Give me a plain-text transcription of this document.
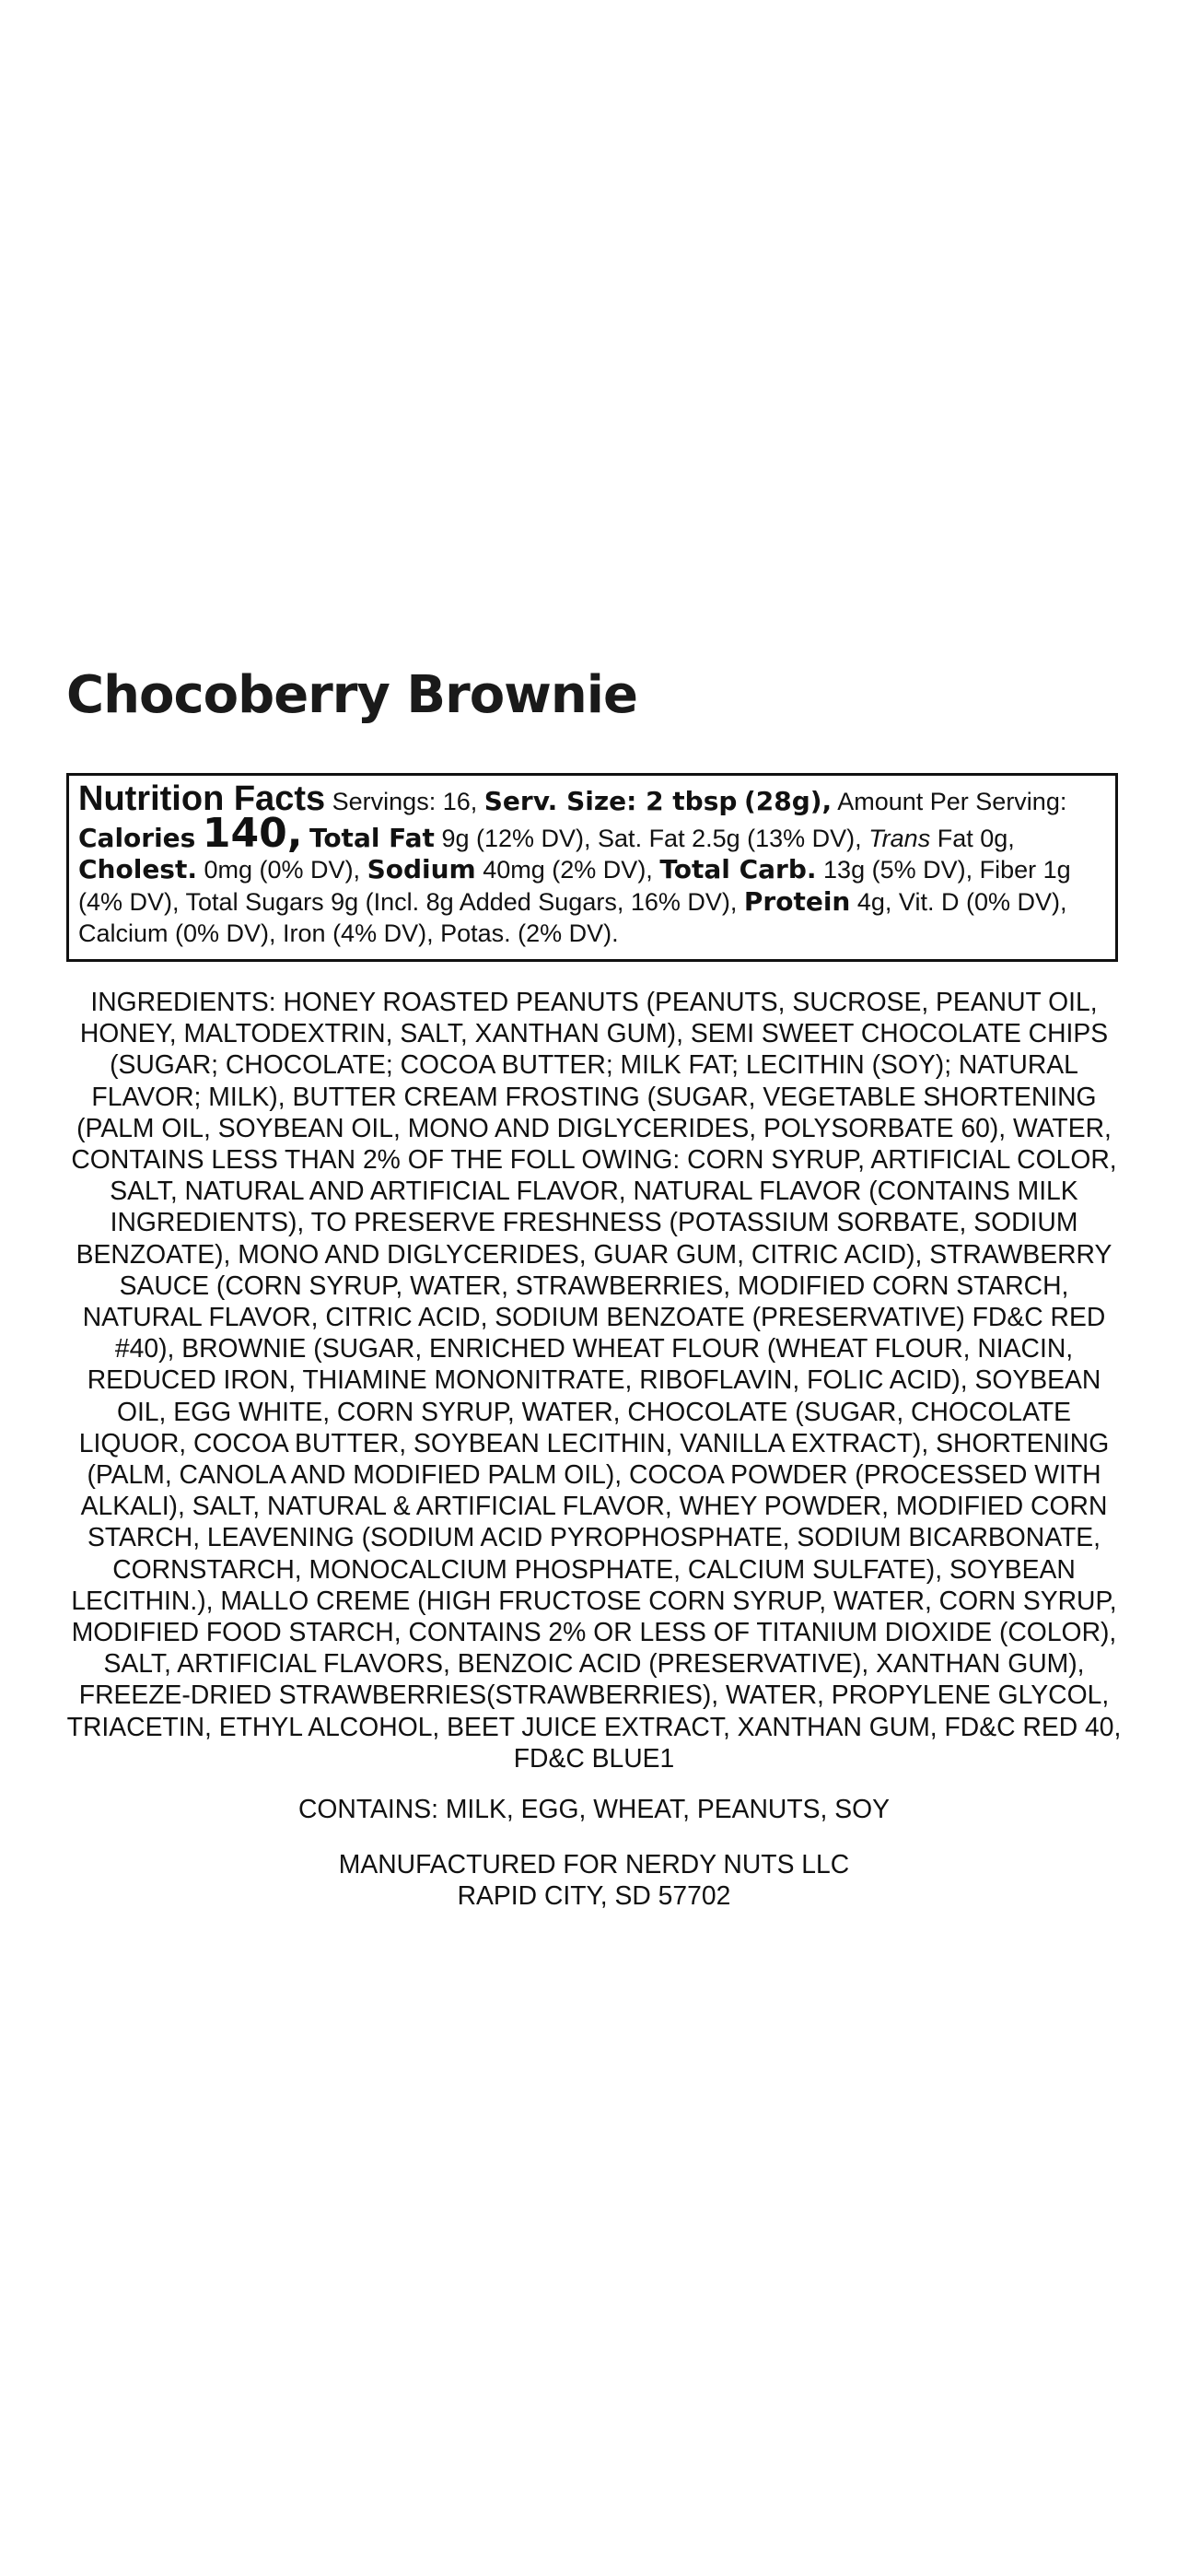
Chocoberry Brownie
Nutrition Facts Servings: 16, Serv. Size: 2 tbsp (28g), Amount Per Serving: Calories 140, Total Fat 9g (12% DV), Sat. Fat 2.5g (13% DV), Trans Fat 0g, Cholest. 0mg (0% DV), Sodium 40mg (2% DV), Total Carb. 13g (5% DV), Fiber 1g (4% DV), Total Sugars 9g (Incl. 8g Added Sugars, 16% DV), Protein 4g, Vit. D (0% DV), Calcium (0% DV), Iron (4% DV), Potas. (2% DV).

INGREDIENTS: HONEY ROASTED PEANUTS (PEANUTS, SUCROSE, PEANUT OIL, HONEY, MALTODEXTRIN, SALT, XANTHAN GUM), SEMI SWEET CHOCOLATE CHIPS (SUGAR; CHOCOLATE; COCOA BUTTER; MILK FAT; LECITHIN (SOY); NATURAL FLAVOR; MILK), BUTTER CREAM FROSTING (SUGAR, VEGETABLE SHORTENING (PALM OIL, SOYBEAN OIL, MONO AND DIGLYCERIDES, POLYSORBATE 60), WATER, CONTAINS LESS THAN 2% OF THE FOLL OWING: CORN SYRUP, ARTIFICIAL COLOR, SALT, NATURAL AND ARTIFICIAL FLAVOR, NATURAL FLAVOR (CONTAINS MILK INGREDIENTS), TO PRESERVE FRESHNESS (POTASSIUM SORBATE, SODIUM BENZOATE), MONO AND DIGLYCERIDES, GUAR GUM, CITRIC ACID), STRAWBERRY SAUCE (CORN SYRUP, WATER, STRAWBERRIES, MODIFIED CORN STARCH, NATURAL FLAVOR, CITRIC ACID, SODIUM BENZOATE (PRESERVATIVE) FD&C RED #40), BROWNIE (SUGAR, ENRICHED WHEAT FLOUR (WHEAT FLOUR, NIACIN, REDUCED IRON, THIAMINE MONONITRATE, RIBOFLAVIN, FOLIC ACID), SOYBEAN OIL, EGG WHITE, CORN SYRUP, WATER, CHOCOLATE (SUGAR, CHOCOLATE LIQUOR, COCOA BUTTER, SOYBEAN LECITHIN, VANILLA EXTRACT), SHORTENING (PALM, CANOLA AND MODIFIED PALM OIL), COCOA POWDER (PROCESSED WITH ALKALI), SALT, NATURAL & ARTIFICIAL FLAVOR, WHEY POWDER, MODIFIED CORN STARCH, LEAVENING (SODIUM ACID PYROPHOSPHATE, SODIUM BICARBONATE, CORNSTARCH, MONOCALCIUM PHOSPHATE, CALCIUM SULFATE), SOYBEAN LECITHIN.), MALLO CREME (HIGH FRUCTOSE CORN SYRUP, WATER, CORN SYRUP, MODIFIED FOOD STARCH, CONTAINS 2% OR LESS OF TITANIUM DIOXIDE (COLOR), SALT, ARTIFICIAL FLAVORS, BENZOIC ACID (PRESERVATIVE), XANTHAN GUM), FREEZE-DRIED STRAWBERRIES(STRAWBERRIES), WATER, PROPYLENE GLYCOL, TRIACETIN, ETHYL ALCOHOL, BEET JUICE EXTRACT, XANTHAN GUM, FD&C RED 40, FD&C BLUE1

CONTAINS: MILK, EGG, WHEAT, PEANUTS, SOY

MANUFACTURED FOR NERDY NUTS LLC
RAPID CITY, SD 57702
